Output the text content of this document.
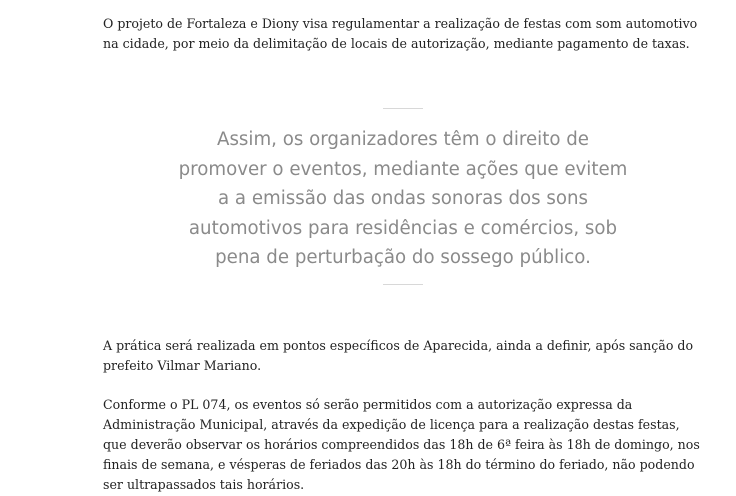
O projeto de Fortaleza e Diony visa regulamentar a realização de festas com som automotivo na cidade, por meio da delimitação de locais de autorização, mediante pagamento de taxas.

Assim, os organizadores têm o direito de promover o eventos, mediante ações que evitem a a emissão das ondas sonoras dos sons automotivos para residências e comércios, sob pena de perturbação do sossego público.

A prática será realizada em pontos específicos de Aparecida, ainda a definir, após sanção do prefeito Vilmar Mariano.

Conforme o PL 074, os eventos só serão permitidos com a autorização expressa da Administração Municipal, através da expedição de licença para a realização destas festas, que deverão observar os horários compreendidos das 18h de 6ª feira às 18h de domingo, nos finais de semana, e vésperas de feriados das 20h às 18h do término do feriado, não podendo ser ultrapassados tais horários.
